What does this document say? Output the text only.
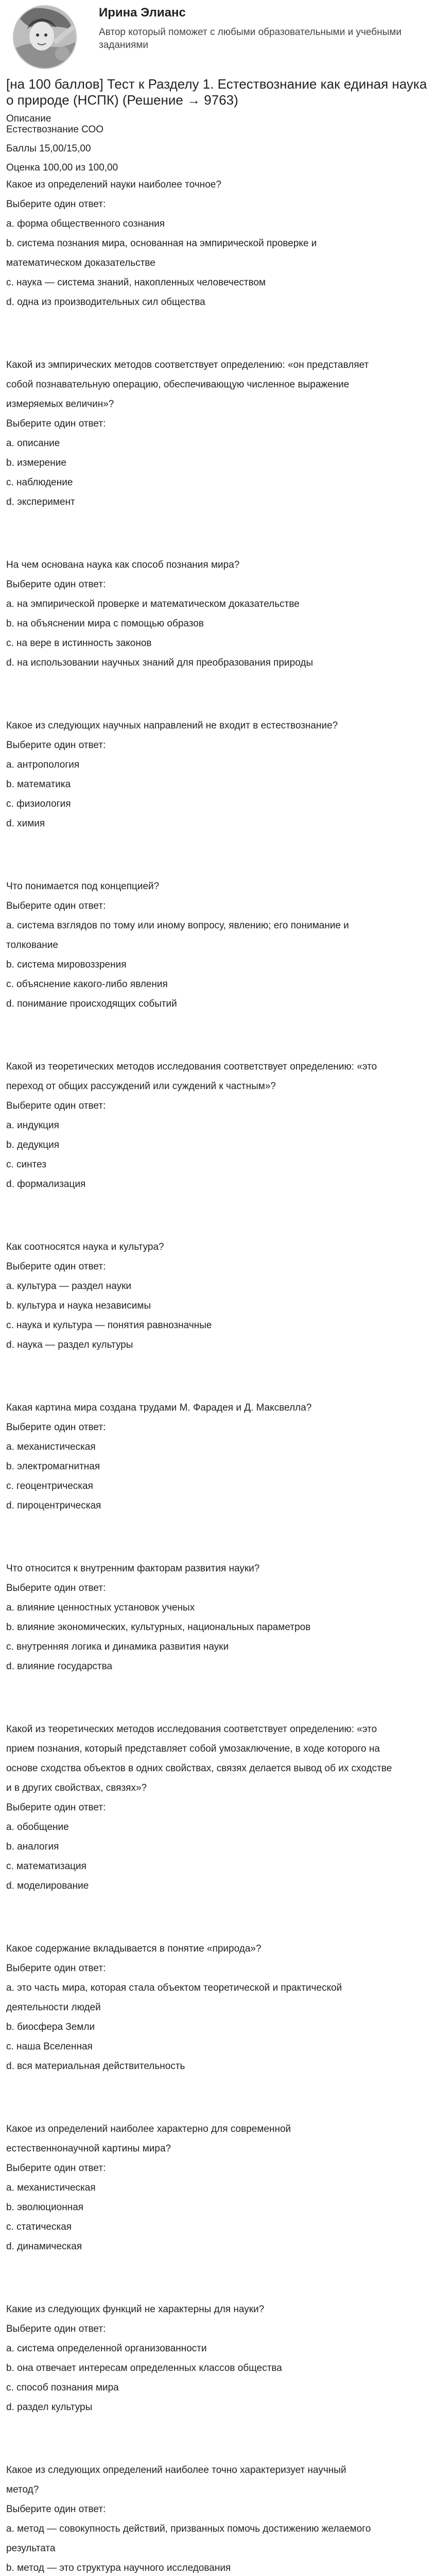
Ирина Элианс
Автор который поможет с любыми образовательными и учебными заданиями
[на 100 баллов] Тест к Разделу 1. Естествознание как единая наука о природе (НСПК) (Решение → 9763)
Описание
Естествознание СОО
Баллы 15,00/15,00
Оценка 100,00 из 100,00
Какое из определений науки наиболее точное?
Выберите один ответ:
a. форма общественного сознания
b. система познания мира, основанная на эмпирической проверке и
математическом доказательстве
c. наука — система знаний, накопленных человечеством
d. одна из производительных сил общества
Какой из эмпирических методов соответствует определению: «он представляет
собой познавательную операцию, обеспечивающую численное выражение
измеряемых величин»?
Выберите один ответ:
a. описание
b. измерение
c. наблюдение
d. эксперимент
На чем основана наука как способ познания мира?
Выберите один ответ:
a. на эмпирической проверке и математическом доказательстве
b. на объяснении мира с помощью образов
c. на вере в истинность законов
d. на использовании научных знаний для преобразования природы
Какое из следующих научных направлений не входит в естествознание?
Выберите один ответ:
a. антропология
b. математика
c. физиология
d. химия
Что понимается под концепцией?
Выберите один ответ:
a. система взглядов по тому или иному вопросу, явлению; его понимание и
толкование
b. система мировоззрения
c. объяснение какого-либо явления
d. понимание происходящих событий
Какой из теоретических методов исследования соответствует определению: «это
переход от общих рассуждений или суждений к частным»?
Выберите один ответ:
a. индукция
b. дедукция
c. синтез
d. формализация
Как соотносятся наука и культура?
Выберите один ответ:
a. культура — раздел науки
b. культура и наука независимы
c. наука и культура — понятия равнозначные
d. наука — раздел культуры
Какая картина мира создана трудами М. Фарадея и Д. Максвелла?
Выберите один ответ:
a. механистическая
b. электромагнитная
c. геоцентрическая
d. пироцентрическая
Что относится к внутренним факторам развития науки?
Выберите один ответ:
a. влияние ценностных установок ученых
b. влияние экономических, культурных, национальных параметров
c. внутренняя логика и динамика развития науки
d. влияние государства
Какой из теоретических методов исследования соответствует определению: «это
прием познания, который представляет собой умозаключение, в ходе которого на
основе сходства объектов в одних свойствах, связях делается вывод об их сходстве
и в других свойствах, связях»?
Выберите один ответ:
a. обобщение
b. аналогия
c. математизация
d. моделирование
Какое содержание вкладывается в понятие «природа»?
Выберите один ответ:
a. это часть мира, которая стала объектом теоретической и практической
деятельности людей
b. биосфера Земли
c. наша Вселенная
d. вся материальная действительность
Какое из определений наиболее характерно для современной
естественнонаучной картины мира?
Выберите один ответ:
a. механистическая
b. эволюционная
c. статическая
d. динамическая
Какие из следующих функций не характерны для науки?
Выберите один ответ:
a. система определенной организованности
b. она отвечает интересам определенных классов общества
c. способ познания мира
d. раздел культуры
Какое из следующих определений наиболее точно характеризует научный
метод?
Выберите один ответ:
a. метод — совокупность действий, призванных помочь достижению желаемого
результата
b. метод — это структура научного исследования
